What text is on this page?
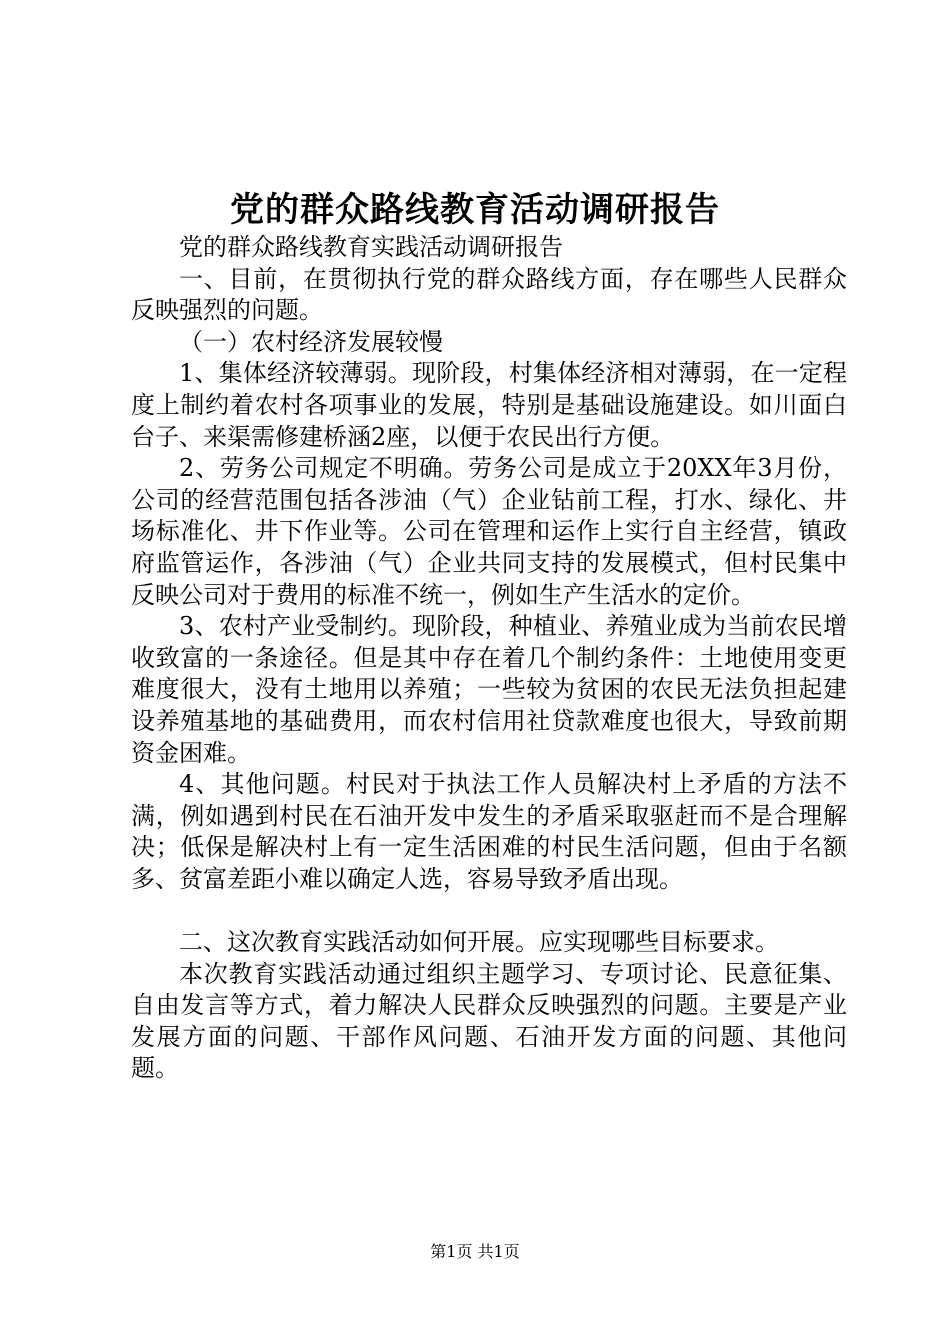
党的群众路线教育活动调研报告

党的群众路线教育实践活动调研报告

一、目前，在贯彻执行党的群众路线方面，存在哪些人民群众反映强烈的问题。

（一）农村经济发展较慢

1、集体经济较薄弱。现阶段，村集体经济相对薄弱，在一定程度上制约着农村各项事业的发展，特别是基础设施建设。如川面白台子、来渠需修建桥涵2座，以便于农民出行方便。

2、劳务公司规定不明确。劳务公司是成立于20XX年3月份，公司的经营范围包括各涉油（气）企业钻前工程，打水、绿化、井场标准化、井下作业等。公司在管理和运作上实行自主经营，镇政府监管运作，各涉油（气）企业共同支持的发展模式，但村民集中反映公司对于费用的标准不统一，例如生产生活水的定价。

3、农村产业受制约。现阶段，种植业、养殖业成为当前农民增收致富的一条途径。但是其中存在着几个制约条件：土地使用变更难度很大，没有土地用以养殖；一些较为贫困的农民无法负担起建设养殖基地的基础费用，而农村信用社贷款难度也很大，导致前期资金困难。

4、其他问题。村民对于执法工作人员解决村上矛盾的方法不满，例如遇到村民在石油开发中发生的矛盾采取驱赶而不是合理解决；低保是解决村上有一定生活困难的村民生活问题，但由于名额多、贫富差距小难以确定人选，容易导致矛盾出现。

二、这次教育实践活动如何开展。应实现哪些目标要求。

本次教育实践活动通过组织主题学习、专项讨论、民意征集、自由发言等方式，着力解决人民群众反映强烈的问题。主要是产业发展方面的问题、干部作风问题、石油开发方面的问题、其他问题。

第1页 共1页
